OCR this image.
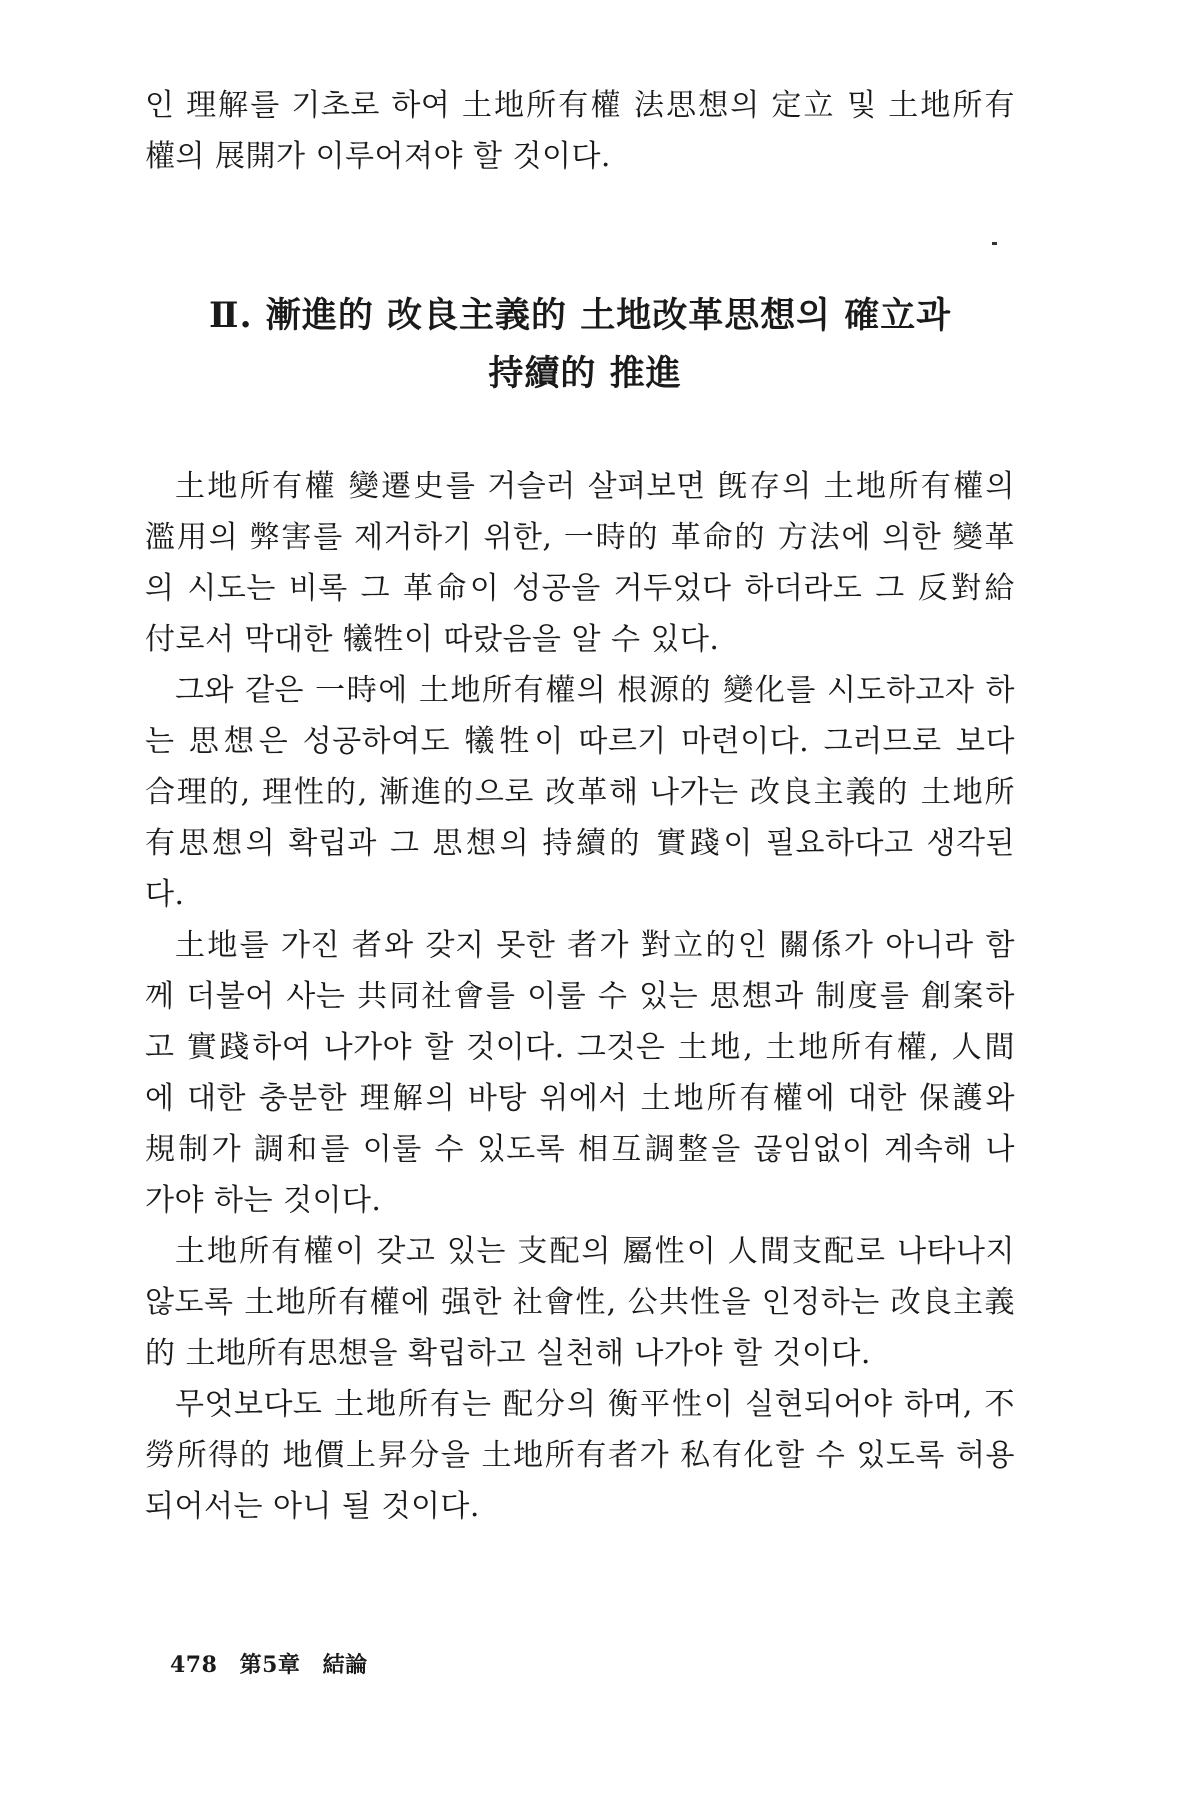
인 理解를 기초로 하여 土地所有權 法思想의 定立 및 土地所有
權의 展開가 이루어져야 할 것이다.
Ⅱ. 漸進的 改良主義的 土地改革思想의 確立과
持續的 推進
土地所有權 變遷史를 거슬러 살펴보면 旣存의 土地所有權의
濫用의 弊害를 제거하기 위한, 一時的 革命的 方法에 의한 變革
의 시도는 비록 그 革命이 성공을 거두었다 하더라도 그 反對給
付로서 막대한 犧牲이 따랐음을 알 수 있다.
그와 같은 一時에 土地所有權의 根源的 變化를 시도하고자 하
는 思想은 성공하여도 犧牲이 따르기 마련이다. 그러므로 보다
合理的, 理性的, 漸進的으로 改革해 나가는 改良主義的 土地所
有思想의 확립과 그 思想의 持續的 實踐이 필요하다고 생각된
다.
土地를 가진 者와 갖지 못한 者가 對立的인 關係가 아니라 함
께 더불어 사는 共同社會를 이룰 수 있는 思想과 制度를 創案하
고 實踐하여 나가야 할 것이다. 그것은 土地, 土地所有權, 人間
에 대한 충분한 理解의 바탕 위에서 土地所有權에 대한 保護와
規制가 調和를 이룰 수 있도록 相互調整을 끊임없이 계속해 나
가야 하는 것이다.
土地所有權이 갖고 있는 支配의 屬性이 人間支配로 나타나지
않도록 土地所有權에 强한 社會性, 公共性을 인정하는 改良主義
的 土地所有思想을 확립하고 실천해 나가야 할 것이다.
무엇보다도 土地所有는 配分의 衡平性이 실현되어야 하며, 不
勞所得的 地價上昇分을 土地所有者가 私有化할 수 있도록 허용
되어서는 아니 될 것이다.
478 第5章 結論
